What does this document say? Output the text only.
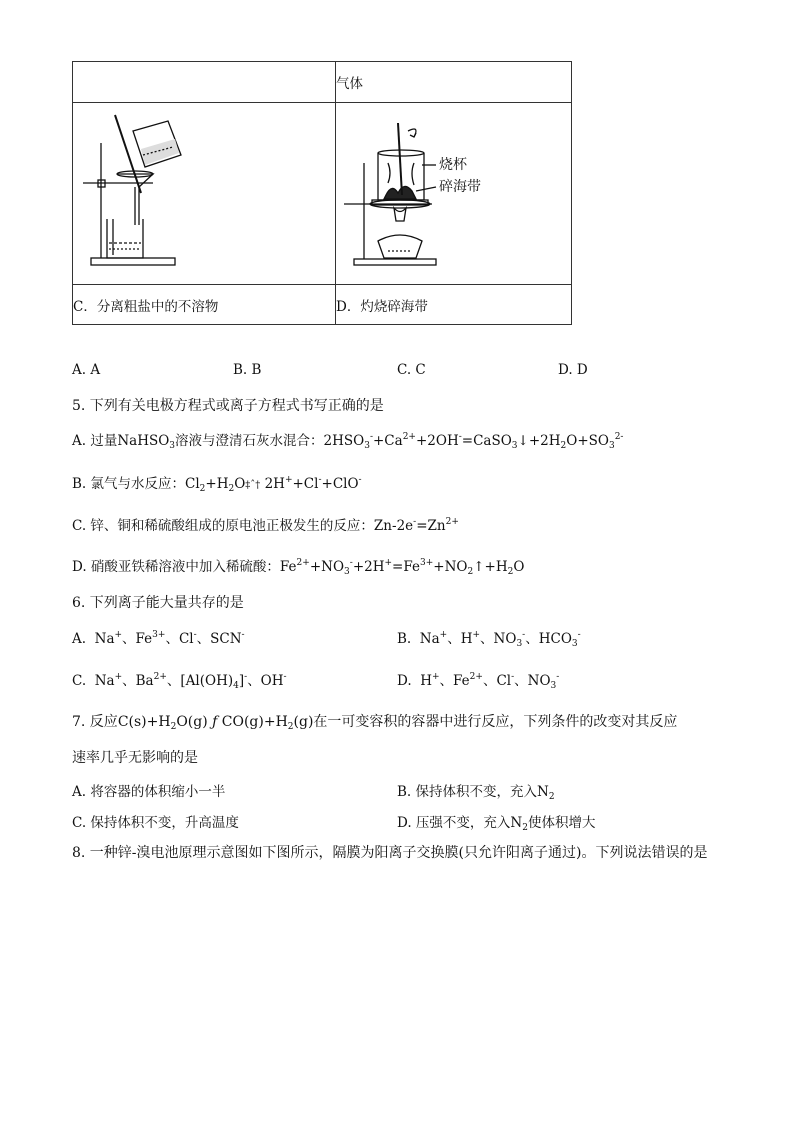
	气体

烧杯
碎海带

C．分离粗盐中的不溶物	D．灼烧碎海带
A. A	B. B	C. C	D. D
5. 下列有关电极方程式或离子方程式书写正确的是
A. 过量NaHSO$_3$溶液与澄清石灰水混合：$2HSO_3^-+Ca^{2+}+2OH^-=CaSO_3↓+2H_2O+SO_3^{2-}$
B. 氯气与水反应：$Cl_2+H_2O\ddagger ˆ\dagger$ 2H++Cl-+ClO-
C. 锌、铜和稀硫酸组成的原电池正极发生的反应：$Zn-2e^-=Zn^{2+}$
D. 硝酸亚铁稀溶液中加入稀硫酸：$Fe^{2+}+NO_3^-+2H^+=Fe^{3+}+NO_2↑+H_2O$
6. 下列离子能大量共存的是
A.  Na+、$Fe^{3+}$、Cl-、SCN-	B.  Na+、H+、$NO_3^-$、$HCO_3^-$
C.  Na+、$Ba^{2+}$、$[Al(OH)_4]^-$、OH-	D.  H+、$Fe^{2+}$、Cl-、$NO_3^-$
7. 反应$C(s)+H_2O(g)$ ƒ $CO(g)+H_2(g)$在一可变容积的容器中进行反应，下列条件的改变对其反应
速率几乎无影响的是
A. 将容器的体积缩小一半	B. 保持体积不变，充入$N_2$
C. 保持体积不变，升高温度	D. 压强不变，充入$N_2$使体积增大
8. 一种锌-溴电池原理示意图如下图所示，隔膜为阳离子交换膜(只允许阳离子通过)。下列说法错误的是
